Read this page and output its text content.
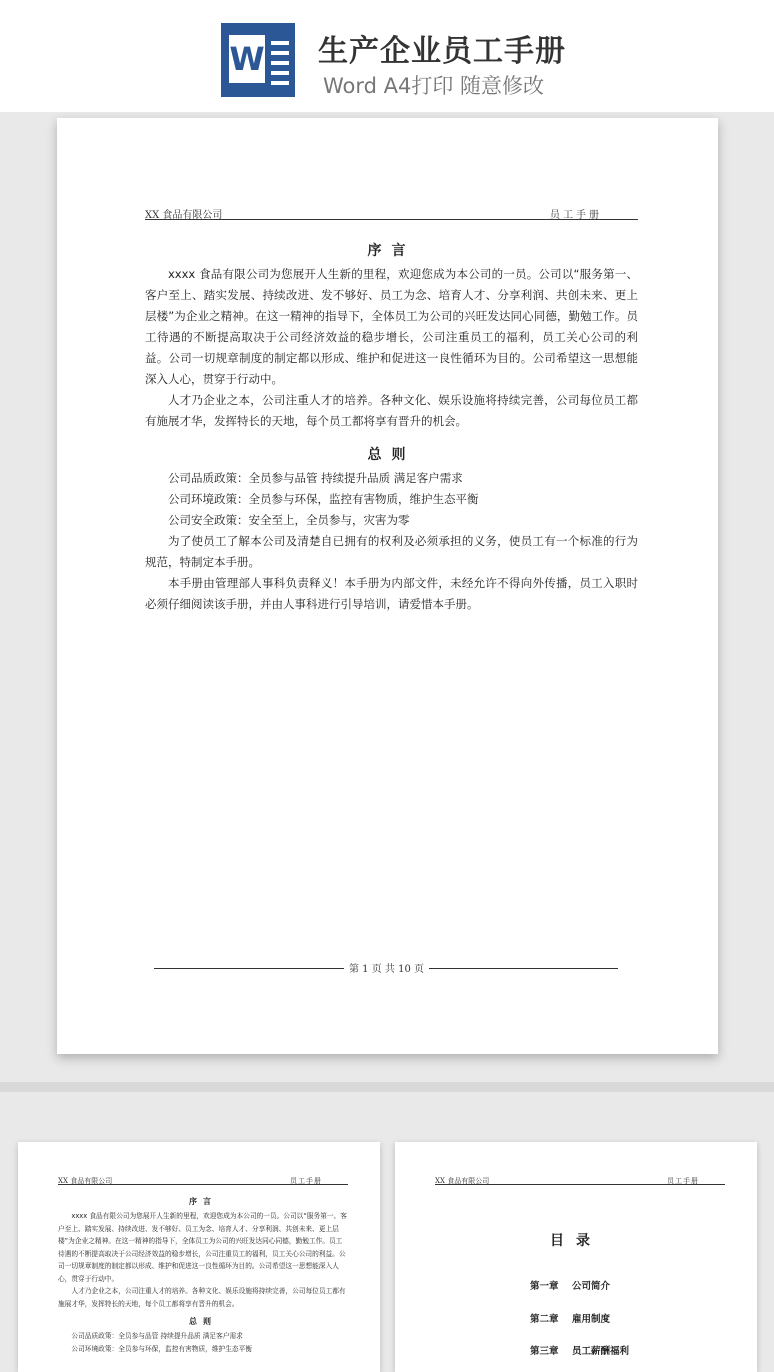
W 生产企业员工手册
Word A4打印 随意修改
XX 食品有限公司	员工手册
序言

xxxx 食品有限公司为您展开人生新的里程，欢迎您成为本公司的一员。公司以“服务第一、客户至上、踏实发展、持续改进、发不够好、员工为念、培育人才、分享利润、共创未来、更上层楼”为企业之精神。在这一精神的指导下，全体员工为公司的兴旺发达同心同德，勤勉工作。员工待遇的不断提高取决于公司经济效益的稳步增长，公司注重员工的福利，员工关心公司的利益。公司一切规章制度的制定都以形成、维护和促进这一良性循环为目的。公司希望这一思想能深入人心，贯穿于行动中。

人才乃企业之本，公司注重人才的培养。各种文化、娱乐设施将持续完善，公司每位员工都有施展才华，发挥特长的天地，每个员工都将享有晋升的机会。

总则

公司品质政策：全员参与品管 持续提升品质 满足客户需求

公司环境政策：全员参与环保，监控有害物质，维护生态平衡

公司安全政策：安全至上，全员参与，灾害为零

为了使员工了解本公司及清楚自已拥有的权利及必须承担的义务，使员工有一个标准的行为规范，特制定本手册。

本手册由管理部人事科负责释义！本手册为内部文件，未经允许不得向外传播，员工入职时必须仔细阅读该手册，并由人事科进行引导培训，请爱惜本手册。

第 1 页 共 10 页
XX 食品有限公司	员工手册
序言

xxxx 食品有限公司为您展开人生新的里程，欢迎您成为本公司的一员。公司以“服务第一、客户至上、踏实发展、持续改进、发不够好、员工为念、培育人才、分享利润、共创未来、更上层楼”为企业之精神。在这一精神的指导下，全体员工为公司的兴旺发达同心同德，勤勉工作。员工待遇的不断提高取决于公司经济效益的稳步增长，公司注重员工的福利，员工关心公司的利益。公司一切规章制度的制定都以形成、维护和促进这一良性循环为目的。公司希望这一思想能深入人心，贯穿于行动中。

人才乃企业之本，公司注重人才的培养。各种文化、娱乐设施将持续完善，公司每位员工都有施展才华，发挥特长的天地，每个员工都将享有晋升的机会。

总则

公司品质政策：全员参与品管 持续提升品质 满足客户需求

公司环境政策：全员参与环保，监控有害物质，维护生态平衡

XX 食品有限公司	员工手册
目录
第一章 公司简介
第二章 雇用制度
第三章 员工薪酬福利
